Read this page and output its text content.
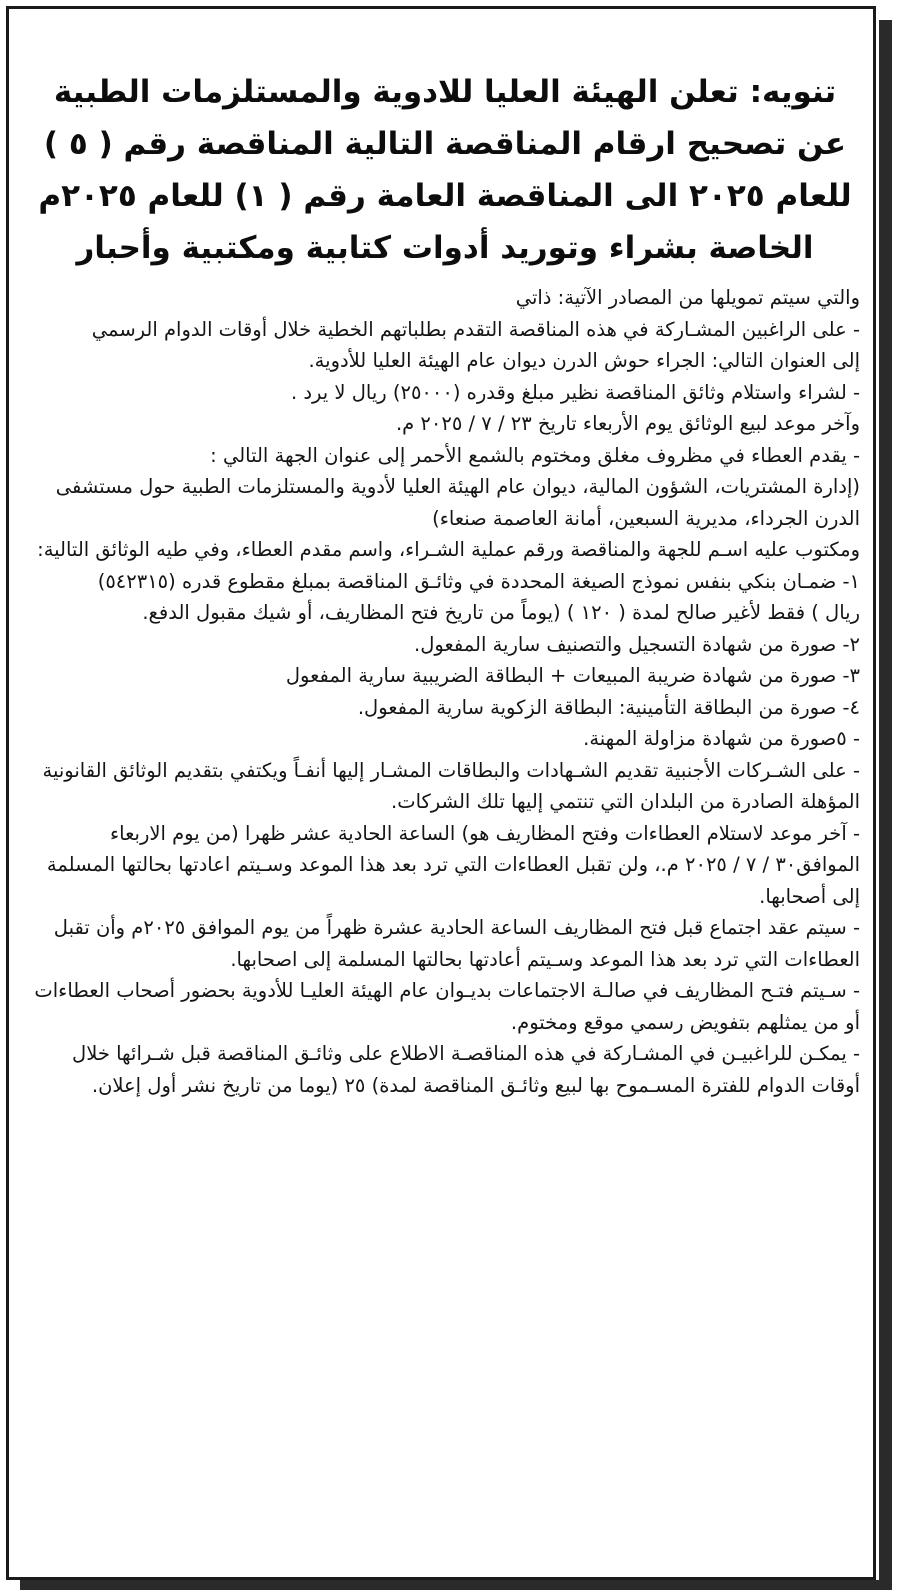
تنويه: تعلن الهيئة العليا للادوية والمستلزمات الطبية عن تصحيح ارقام المناقصة التالية المناقصة رقم ( ٥ ) للعام ٢٠٢٥ الى المناقصة العامة رقم ( ١) للعام ٢٠٢٥م الخاصة بشراء وتوريد أدوات كتابية ومكتبية وأحبار

والتي سيتم تمويلها من المصادر الآتية: ذاتي

- على الراغبين المشـاركة في هذه المناقصة التقدم بطلباتهم الخطية خلال أوقات الدوام الرسمي

إلى العنوان التالي: الجراء حوش الدرن ديوان عام الهيئة العليا للأدوية.

- لشراء واستلام وثائق المناقصة نظير مبلغ وقدره (٢٥٠٠٠) ريال لا يرد .

وآخر موعد لبيع الوثائق يوم الأربعاء تاريخ ٢٣ / ٧ / ٢٠٢٥ م.

- يقدم العطاء في مظروف مغلق ومختوم بالشمع الأحمر إلى عنوان الجهة التالي :

(إدارة المشتريات، الشؤون المالية، ديوان عام الهيئة العليا لأدوية والمستلزمات الطبية حول مستشفى الدرن الجرداء، مديرية السبعين، أمانة العاصمة صنعاء)

ومكتوب عليه اسـم للجهة والمناقصة ورقم عملية الشـراء، واسم مقدم العطاء، وفي طيه الوثائق التالية:

١- ضمـان بنكي بنفس نموذج الصيغة المحددة في وثائـق المناقصة بمبلغ مقطوع قدره (٥٤٢٣١٥)

ريال ) فقط لأغير صالح لمدة ( ١٢٠ ) (يوماً من تاريخ فتح المظاريف، أو شيك مقبول الدفع.

٢- صورة من شهادة التسجيل والتصنيف سارية المفعول.

٣- صورة من شهادة ضريبة المبيعات + البطاقة الضريبية سارية المفعول

٤- صورة من البطاقة التأمينية: البطاقة الزكوية سارية المفعول.

- ٥صورة من شهادة مزاولة المهنة.

- على الشـركات الأجنبية تقديم الشـهادات والبطاقات المشـار إليها أنفـاً ويكتفي بتقديم الوثائق القانونية المؤهلة الصادرة من البلدان التي تنتمي إليها تلك الشركات.

- آخر موعد لاستلام العطاءات وفتح المظاريف هو) الساعة الحادية عشر ظهرا (من يوم الاربعاء الموافق٣٠ / ٧ / ٢٠٢٥ م.، ولن تقبل العطاءات التي ترد بعد هذا الموعد وسـيتم اعادتها بحالتها المسلمة إلى أصحابها.

- سيتم عقد اجتماع قبل فتح المظاريف الساعة الحادية عشرة ظهراً من يوم الموافق ٢٠٢٥م وأن تقبل العطاءات التي ترد بعد هذا الموعد وسـيتم أعادتها بحالتها المسلمة إلى اصحابها.

- سـيتم فتـح المظاريف في صالـة الاجتماعات بديـوان عام الهيئة العليـا للأدوية بحضور أصحاب العطاءات أو من يمثلهم بتفويض رسمي موقع ومختوم.

- يمكـن للراغبيـن في المشـاركة في هذه المناقصـة الاطلاع على وثائـق المناقصة قبل شـرائها خلال أوقات الدوام للفترة المسـموح بها لبيع وثائـق المناقصة لمدة) ٢٥ (يوما من تاريخ نشر أول إعلان.
